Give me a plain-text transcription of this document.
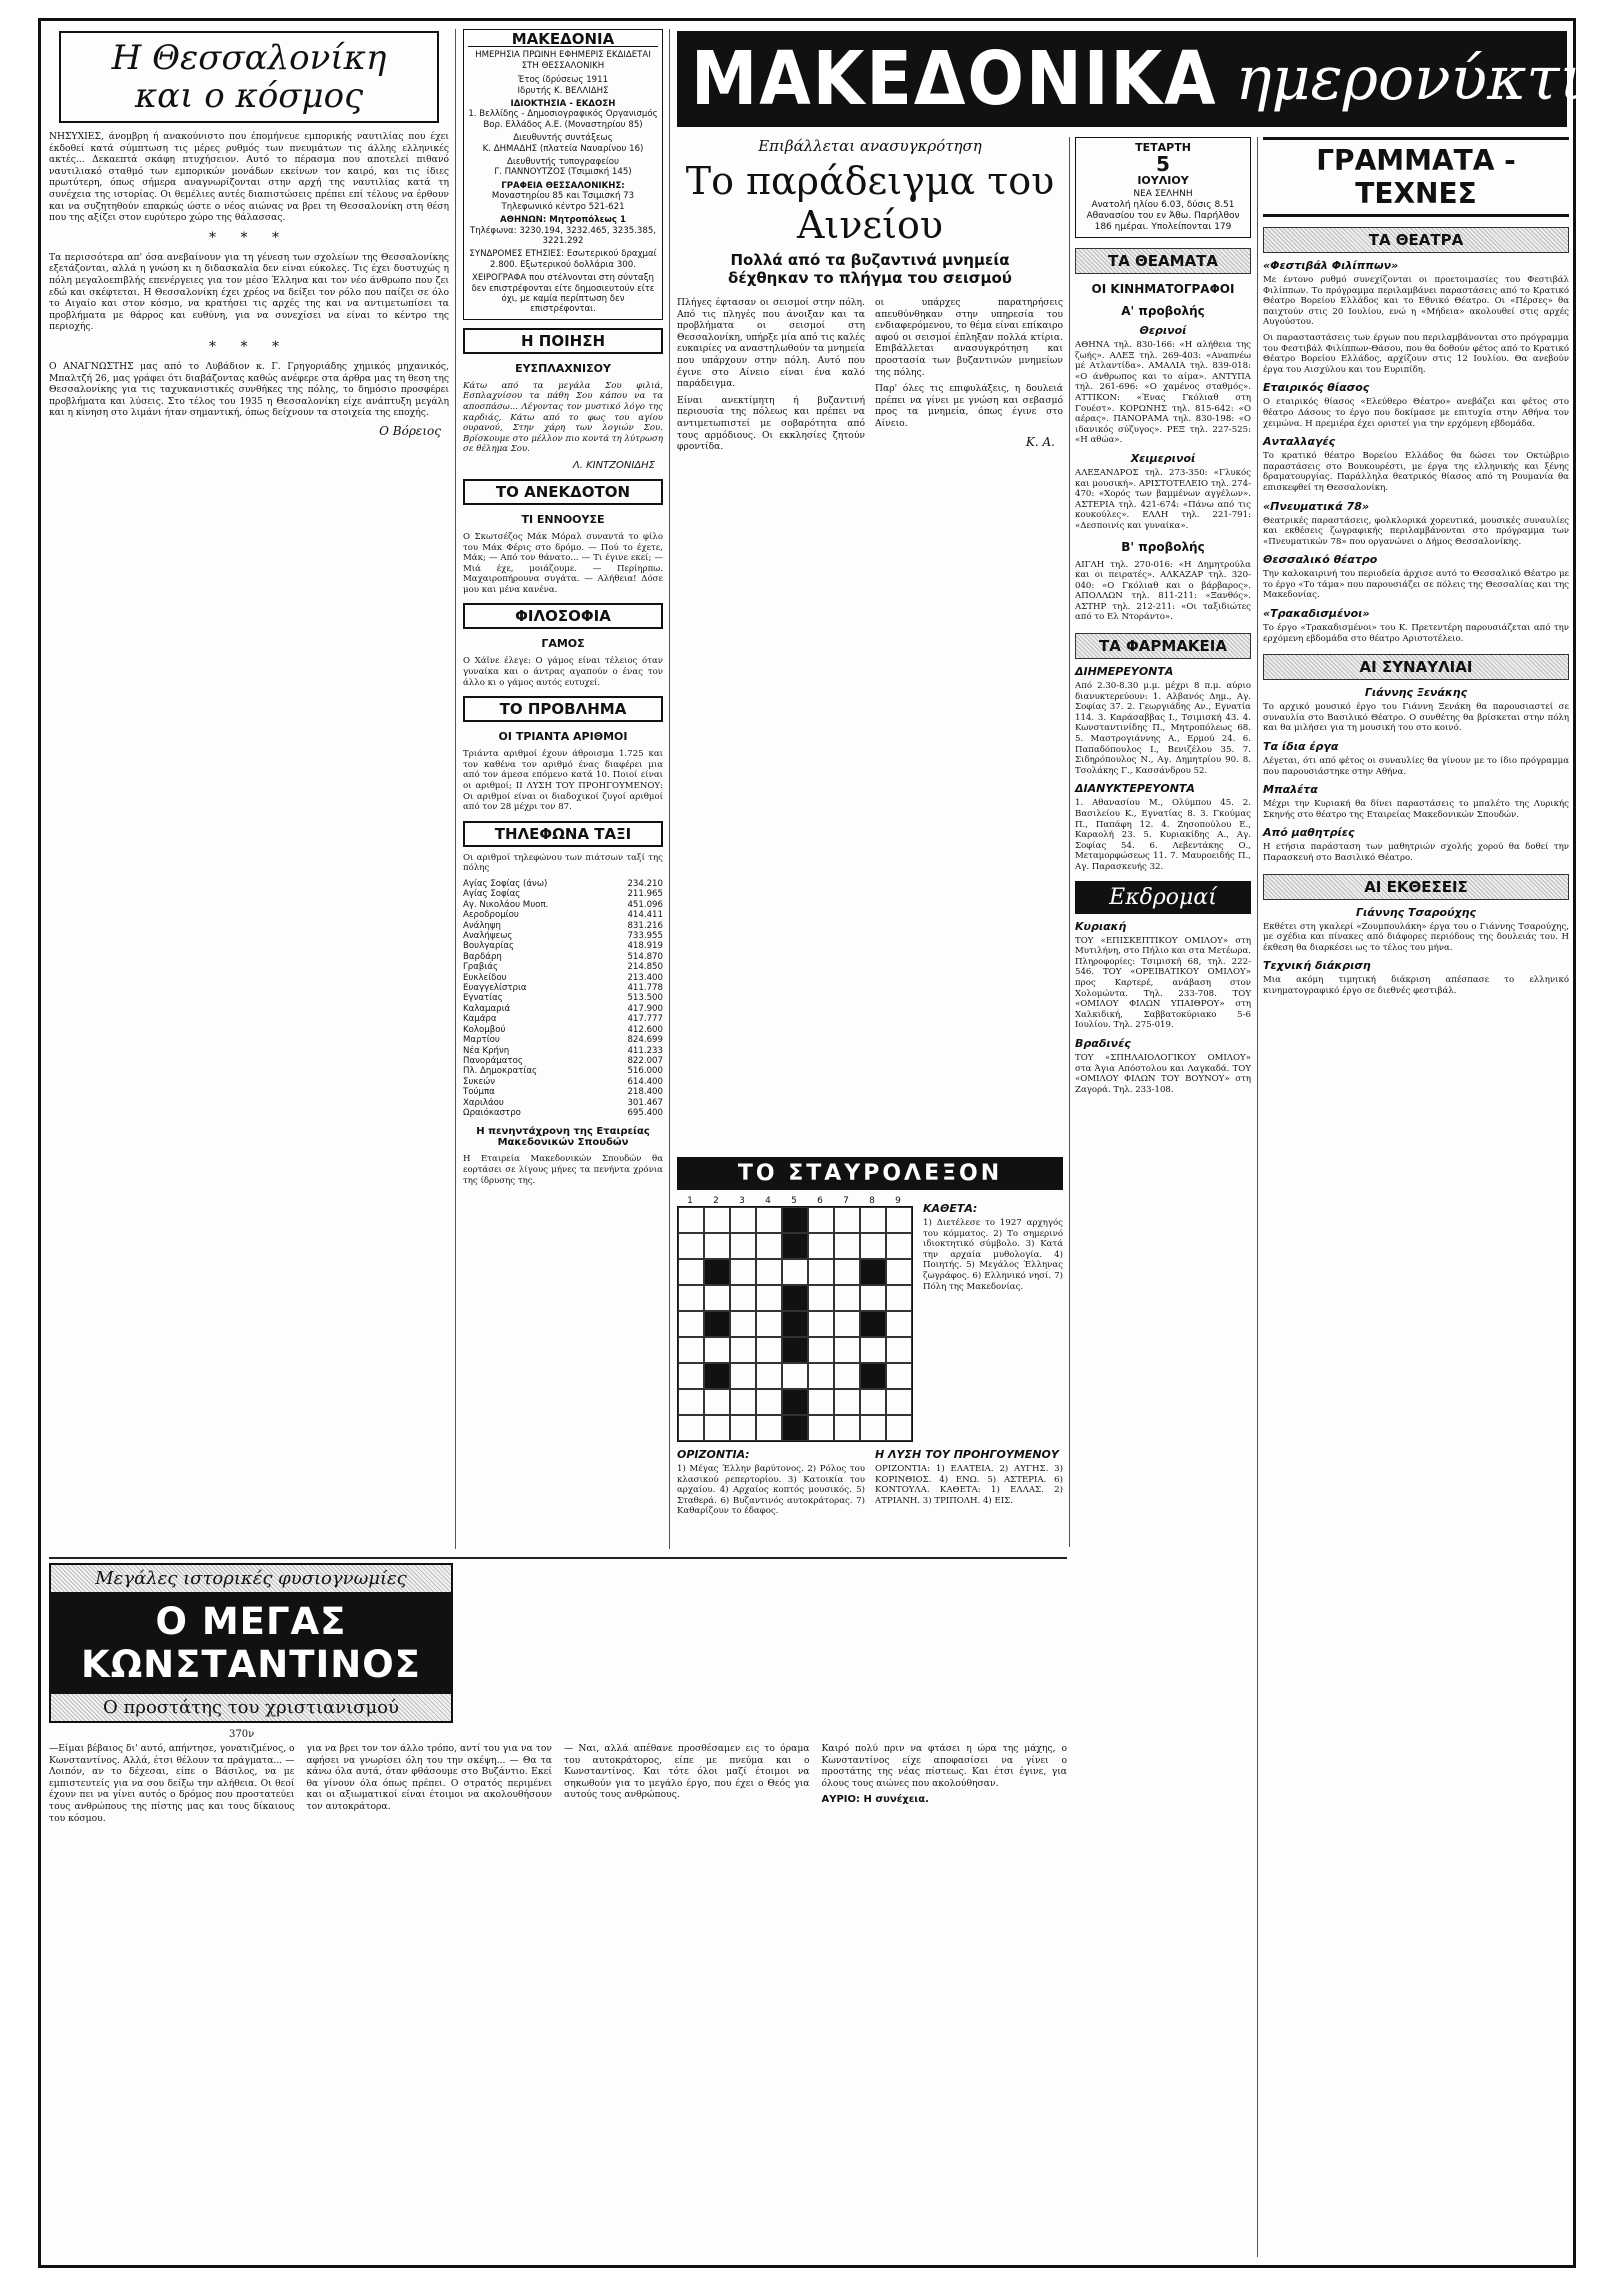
Η Θεσσαλονίκη
και ο κόσμος

ΝΗΣΥΧΙΕΣ, άνομβρη ή ανακούνιστο που έπομήνευε εμπορικής ναυτιλίας που έχει έκδοθεί κατά σύμπτωση τις μέρες ρυθμός των πνευμάτων τις άλλης ελληνικές ακτές... Δεκαεπτά σκάφη πτυχήσειον. Αυτό το πέρασμα που αποτελεί πιθανό ναυτιλιακό σταθμό των εμπορικών μονάδων εκείνων τον καιρό, και τις ίδιες πρωτύτερη, όπως σήμερα αναγνωρίζονται στην αρχή της ναυτιλίας κατά τη συνέχεια της ιστορίας. Οι θεμέλιες αυτές διαπιστώσεις πρέπει επί τέλους να έρθουν και να συζητηθούν επαρκώς ώστε ο νέος αιώνας να βρει τη Θεσσαλονίκη στη θέση που της αξίζει στον ευρύτερο χώρο της θάλασσας.

* * *

Τα περισσότερα απ' όσα ανεβαίνουν για τη γένεση των σχολείων της Θεσσαλονίκης εξετάζονται, αλλά η γνώση κι η διδασκαλία δεν είναι εύκολες. Τις έχει δυστυχώς η πόλη μεγαλοεπιβλής επενέργειες για τον μέσο Έλληνα και τον νέο άνθρωπο που ζει εδώ και σκέφτεται. Η Θεσσαλονίκη έχει χρέος να δείξει τον ρόλο που παίζει σε όλο το Αιγαίο και στον κόσμο, να κρατήσει τις αρχές της και να αντιμετωπίσει τα προβλήματα με θάρρος και ευθύνη, για να συνεχίσει να είναι το κέντρο της περιοχής.

* * *

Ο ΑΝΑΓΝΩΣΤΗΣ μας από το Λυβάδιον κ. Γ. Γρηγοριάδης χημικός μηχανικός, Μπαλτζή 26, μας γράφει ότι διαβάζοντας καθώς ανέφερε στα άρθρα μας τη θεση της Θεσσαλονίκης για τις ταχυκανιστικές συνθήκες της πόλης, το δημόσιο προσφέρει προβλήματα και λύσεις. Στο τέλος του 1935 η Θεσσαλονίκη είχε ανάπτυξη μεγάλη και η κίνηση στο λιμάνι ήταν σημαντική, όπως δείχνουν τα στοιχεία της εποχής.

Ο Βόρειος
ΜΑΚΕΔΟΝΙΑ
ΗΜΕΡΗΣΙΑ ΠΡΩΙΝΗ ΕΦΗΜΕΡΙΣ ΕΚΔΙΔΕΤΑΙ ΣΤΗ ΘΕΣΣΑΛΟΝΙΚΗ
Έτος ίδρύσεως 1911
Ιδρυτής Κ. ΒΕΛΛΙΔΗΣ
ΙΔΙΟΚΤΗΣΙΑ - ΕΚΔΟΣΗ
1. Βελλίδης - Δημοσιογραφικός Οργανισμός Βορ. Ελλάδος Α.Ε. (Μοναστηρίου 85)
Διευθυντής συντάξεως
Κ. ΔΗΜΑΔΗΣ (πλατεία Ναυαρίνου 16)
Διευθυντής τυπογραφείου
Γ. ΠΑΝΝΟΥΤΖΟΣ (Τσιμισκή 145)
ΓΡΑΦΕΙΑ ΘΕΣΣΑΛΟΝΙΚΗΣ:
Μοναστηρίου 85 και Τσιμισκή 73 Τηλεφωνικό κέντρο 521-621
ΑΘΗΝΩΝ: Μητροπόλεως 1
Τηλέφωνα: 3230.194, 3232.465, 3235.385, 3221.292
ΣΥΝΔΡΟΜΕΣ ΕΤΗΣΙΕΣ: Εσωτερικού δραχμαί 2.800. Εξωτερικού δολλάρια 300.
ΧΕΙΡΟΓΡΑΦΑ που στέλνονται στη σύνταξη δεν επιστρέφονται είτε δημοσιευτούν είτε όχι, με καμία περίπτωση δεν επιστρέφονται.
Η ΠΟΙΗΣΗ
ΕΥΣΠΛΑΧΝΙΣΟΥ

Κάτω από τα μεγάλα Σου φιλιά, Εσπλαχνίσου τα πάθη Σου κάπου να τα αποσπάσω... Λέγοντας τον μυστικό λόγο της καρδιάς, Κάτω από το φως του αγίου ουρανού, Στην χάρη των λογιών Σου. Βρίσκουμε στο μέλλον πιο κοντά τη λύτρωση σε θέλημα Σου.

Λ. ΚΙΝΤΖΟΝΙΔΗΣ
ΤΟ ΑΝΕΚΔΟΤΟΝ
ΤΙ ΕΝΝΟΟΥΣΕ

Ο Σκωτσέζος Μάκ Μόραλ συναντά το φίλο του Μάκ Φέρις στο δρόμο. — Πού το έχετε, Μάκ; — Από τον θάνατο... — Τι έγινε εκεί; — Μιά έχε, μοιάζουμε. — Περίηρπω. Μαχαιροπήρουνα συγάτα. — Αλήθεια! Δόσε μου και μένα κανένα.

ΦΙΛΟΣΟΦΙΑ
ΓΑΜΟΣ

Ο Χάϊνε έλεγε: Ο γάμος είναι τέλειος όταν γυναίκα και ο άντρας αγαπούν ο ένας τον άλλο κι ο γάμος αυτός ευτυχεί.

ΤΟ ΠΡΟΒΛΗΜΑ
ΟΙ ΤΡΙΑΝΤΑ ΑΡΙΘΜΟΙ

Τριάντα αριθμοί έχουν άθροισμα 1.725 και τον καθένα τον αριθμό ένας διαφέρει μια από τον άμεσα επόμενο κατά 10. Ποιοί είναι οι αριθμοί; ΙΙ ΛΥΣΗ ΤΟΥ ΠΡΟΗΓΟΥΜΕΝΟΥ: Οι αριθμοί είναι οι διαδοχικοί ζυγοί αριθμοί από τον 28 μέχρι τον 87.

ΤΗΛΕΦΩΝΑ ΤΑΞΙ

Οι αριθμοί τηλεφώνου των πιάτσων ταξί της πόλης

Αγίας Σοφίας (άνω)	234.210
Αγίας Σοφίας	211.965
Αγ. Νικολάου Μυοπ.	451.096
Αεροδρομίου	414.411
Ανάληψη	831.216
Αναλήψεως	733.955
Βουλγαρίας	418.919
Βαρδάρη	514.870
Γραβιάς	214.850
Ευκλείδου	213.400
Ευαγγελίστρια	411.778
Εγνατίας	513.500
Καλαμαριά	417.900
Καμάρα	417.777
Κολομβού	412.600
Μαρτίου	824.699
Νέα Κρήνη	411.233
Πανοράματος	822.007
Πλ. Δημοκρατίας	516.000
Συκεών	614.400
Τούμπα	218.400
Χαριλάου	301.467
Ωραιόκαστρο	695.400
Η πενηντάχρονη της Εταιρείας Μακεδονικών Σπουδών

Η Εταιρεία Μακεδονικών Σπουδών θα εορτάσει σε λίγους μήνες τα πενήντα χρόνια της ίδρυσης της.

ΜΑΚΕΔΟΝΙΚΑ ημερονύκτια
Επιβάλλεται ανασυγκρότηση
Το παράδειγμα του Αινείου
Πολλά από τα βυζαντινά μνημεία
δέχθηκαν το πλήγμα του σεισμού

Πλήγες έφτασαν οι σεισμοί στην πόλη. Από τις πληγές που άνοιξαν και τα προβλήματα οι σεισμοί στη Θεσσαλονίκη, υπήρξε μία από τις καλές ευκαιρίες να αναστηλωθούν τα μνημεία που υπάρχουν στην πόλη. Αυτό που έγινε στο Αίνειο είναι ένα καλό παράδειγμα.

Είναι ανεκτίμητη ή βυζαντινή περιουσία της πόλεως και πρέπει να αντιμετωπιστεί με σοβαρότητα από τους αρμόδιους. Οι εκκλησίες ζητούν φροντίδα.

οι υπάρχες παρατηρήσεις απευθύνθηκαν στην υπηρεσία του ενδιαφερόμενου, το θέμα είναι επίκαιρο αφού οι σεισμοί έπληξαν πολλά κτίρια. Επιβάλλεται ανασυγκρότηση και προστασία των βυζαντινών μνημείων της πόλης.

Παρ' όλες τις επιφυλάξεις, η δουλειά πρέπει να γίνει με γνώση και σεβασμό προς τα μνημεία, όπως έγινε στο Αίνειο.

Κ. Α.
ΤΟ ΣΤΑΥΡΟΛΕΞΟΝ
1	2	3	4	5	6	7	8	9
ΚΑΘΕΤΑ:

1) Διετέλεσε το 1927 αρχηγός του κόμματος. 2) Το σημερινό ιδιοκτητικό σύμβολο. 3) Κατά την αρχαία μυθολογία. 4) Ποιητής. 5) Μεγάλος Έλληνας ζωγράφος. 6) Ελληνικό νησί. 7) Πόλη της Μακεδονίας.

ΟΡΙΖΟΝΤΙΑ:

1) Μέγας Έλλην βαρύτονος. 2) Ρόλος του κλασικού ρεπερτορίου. 3) Κατοικία του αρχαίου. 4) Αρχαίος κοπτός μουσικός. 5) Σταθερά. 6) Βυζαντινός αυτοκράτορας. 7) Καθαρίζουν το έδαφος.

Η ΛΥΣΗ ΤΟΥ ΠΡΟΗΓΟΥΜΕΝΟΥ

ΟΡΙΖΟΝΤΙΑ: 1) ΕΛΑΤΕΙΑ. 2) ΑΥΓΗΣ. 3) ΚΟΡΙΝΘΙΟΣ. 4) ΕΝΩ. 5) ΑΣΤΕΡΙΑ. 6) ΚΟΝΤΟΥΛΑ. ΚΑΘΕΤΑ: 1) ΕΛΛΑΣ. 2) ΑΤΡΙΑΝΗ. 3) ΤΡΙΠΟΛΗ. 4) ΕΙΣ.

ΤΕΤΑΡΤΗ
5
ΙΟΥΛΙΟΥ
ΝΕΑ ΣΕΛΗΝΗ
Ανατολή ηλίου 6.03, δύσις 8.51
Αθανασίου του εν Άθω. Παρήλθον 186 ημέραι. Υπολείπονται 179
ΤΑ ΘΕΑΜΑΤΑ
ΟΙ ΚΙΝΗΜΑΤΟΓΡΑΦΟΙ
Α' προβολής
Θερινοί

ΑΘΗΝΑ τηλ. 830-166: «Η αλήθεια της ζωής». ΑΛΕΞ τηλ. 269-403: «Αναπνέω μέ Ατλαντίδα». ΑΜΑΛΙΑ τηλ. 839-018: «Ο άνθρωπος και το αίμα». ΑΝΤΥΠΑ τηλ. 261-696: «Ο χαμένος σταθμός». ΑΤΤΙΚΟΝ: «Ένας Γκόλιαθ στη Γουέστ». ΚΟΡΩΝΗΣ τηλ. 815-642: «Ο αέρας». ΠΑΝΟΡΑΜΑ τηλ. 830-198: «Ο ιδανικός σύζυγος». ΡΕΞ τηλ. 227-525: «Η αθώα».

Χειμερινοί

ΑΛΕΞΑΝΔΡΟΣ τηλ. 273-350: «Γλυκός και μουσική». ΑΡΙΣΤΟΤΕΛΕΙΟ τηλ. 274-470: «Χορός των βαμμένων αγγέλων». ΑΣΤΕΡΙΑ τηλ. 421-674: «Πάνω από τις κουκούλες». ΕΛΛΗ τηλ. 221-791: «Δεσποινίς και γυναίκα».

Β' προβολής

ΑΙΓΛΗ τηλ. 270-016: «Η Δημητρούλα και οι πειρατές». ΑΛΚΑΖΑΡ τηλ. 320-040: «Ο Γκόλιαθ και ο βάρβαρος». ΑΠΟΛΛΩΝ τηλ. 811-211: «Ξανθός». ΑΣΤΗΡ τηλ. 212-211: «Οι ταξιδιώτες από το Ελ Ντοράντο».

ΤΑ ΦΑΡΜΑΚΕΙΑ
ΔΙΗΜΕΡΕΥΟΝΤΑ

Από 2.30-8.30 μ.μ. μέχρι 8 π.μ. αύριο διανυκτερεύουν: 1. Αλβανός Δημ., Αγ. Σοφίας 37. 2. Γεωργιάδης Αν., Εγνατία 114. 3. Καράσαββας Ι., Τσιμισκή 43. 4. Κωνσταντινίδης Π., Μητροπόλεως 68. 5. Μαστρογιάννης Α., Ερμού 24. 6. Παπαδόπουλος Ι., Βενιζέλου 35. 7. Σιδηρόπουλος Ν., Αγ. Δημητρίου 90. 8. Τσολάκης Γ., Κασσάνδρου 52.

ΔΙΑΝΥΚΤΕΡΕΥΟΝΤΑ

1. Αθανασίου Μ., Ολύμπου 45. 2. Βασιλείου Κ., Εγνατίας 8. 3. Γκούμας Π., Παπάφη 12. 4. Ζησοπούλου Ε., Καραολή 23. 5. Κυριακίδης Α., Αγ. Σοφίας 54. 6. Λεβεντάκης Ο., Μεταμορφώσεως 11. 7. Μαυροειδής Π., Αγ. Παρασκευής 32.

Εκδρομαί
Κυριακή

ΤΟΥ «ΕΠΙΣΚΕΠΤΙΚΟΥ ΟΜΙΛΟΥ» στη Μυτιλήνη, στο Πήλιο και στα Μετέωρα. Πληροφορίες: Τσιμισκή 68, τηλ. 222-546. ΤΟΥ «ΟΡΕΙΒΑΤΙΚΟΥ ΟΜΙΛΟΥ» προς Καρτερέ, ανάβαση στον Χολομώντα. Τηλ. 233-708. ΤΟΥ «ΟΜΙΛΟΥ ΦΙΛΩΝ ΥΠΑΙΘΡΟΥ» στη Χαλκιδική, Σαββατοκύριακο 5-6 Ιουλίου. Τηλ. 275-019.

Βραδινές

ΤΟΥ «ΣΠΗΛΑΙΟΛΟΓΙΚΟΥ ΟΜΙΛΟΥ» στα Άγια Απόστολου και Λαγκαδά. ΤΟΥ «ΟΜΙΛΟΥ ΦΙΛΩΝ ΤΟΥ ΒΟΥΝΟΥ» στη Ζαγορά. Τηλ. 233-108.

ΓΡΑΜΜΑΤΑ - ΤΕΧΝΕΣ
ΤΑ ΘΕΑΤΡΑ
«Φεστιβάλ Φιλίππων»

Με έντονο ρυθμό συνεχίζονται οι προετοιμασίες του Φεστιβάλ Φιλίππων. Το πρόγραμμα περιλαμβάνει παραστάσεις από το Κρατικό Θέατρο Βορείου Ελλάδος και το Εθνικό Θέατρο. Οι «Πέρσες» θα παιχτούν στις 20 Ιουλίου, ενώ η «Μήδεια» ακολουθεί στις αρχές Αυγούστου.

Οι παρασταστάσεις των έργων που περιλαμβάνονται στο πρόγραμμα του Φεστιβάλ Φιλίππων-Θάσου, που θα δοθούν φέτος από το Κρατικό Θέατρο Βορείου Ελλάδος, αρχίζουν στις 12 Ιουλίου. Θα ανεβούν έργα του Αισχύλου και του Ευριπίδη.

Εταιρικός θίασος

Ο εταιρικός θίασος «Ελεύθερο Θέατρο» ανεβάζει και φέτος στο θέατρο Δάσους το έργο που δοκίμασε με επιτυχία στην Αθήνα τον χειμώνα. Η πρεμιέρα έχει οριστεί για την ερχόμενη εβδομάδα.

Ανταλλαγές

Το κρατικό θέατρο Βορείου Ελλάδος θα δώσει τον Οκτώβριο παραστάσεις στο Βουκουρέστι, με έργα της ελληνικής και ξένης δραματουργίας. Παράλληλα θεατρικός θίασος από τη Ρουμανία θα επισκεφθεί τη Θεσσαλονίκη.

«Πνευματικά 78»

Θεατρικές παραστάσεις, φολκλορικά χορευτικά, μουσικές συναυλίες και εκθέσεις ζωγραφικής περιλαμβάνονται στο πρόγραμμα των «Πνευματικών 78» που οργανώνει ο Δήμος Θεσσαλονίκης.

Θεσσαλικό θέατρο

Την καλοκαιρινή του περιοδεία άρχισε αυτό το Θεσσαλικό Θέατρο με το έργο «Το τάμα» που παρουσιάζει σε πόλεις της Θεσσαλίας και της Μακεδονίας.

«Τρακαδισμένοι»

Το έργο «Τρακαδισμένοι» του Κ. Πρετεντέρη παρουσιάζεται από την ερχόμενη εβδομάδα στο θέατρο Αριστοτέλειο.

ΑΙ ΣΥΝΑΥΛΙΑΙ
Γιάννης Ξενάκης

Το αρχικό μουσικό έργο του Γιάννη Ξενάκη θα παρουσιαστεί σε συναυλία στο Βασιλικό Θέατρο. Ο συνθέτης θα βρίσκεται στην πόλη και θα μιλήσει για τη μουσική του στο κοινό.

Τα ίδια έργα

Λέγεται, ότι από φέτος οι συναυλίες θα γίνουν με το ίδιο πρόγραμμα που παρουσιάστηκε στην Αθήνα.

Μπαλέτα

Μέχρι την Κυριακή θα δίνει παραστάσεις το μπαλέτο της Λυρικής Σκηνής στο θέατρο της Εταιρείας Μακεδονικών Σπουδών.

Από μαθητρίες

Η ετήσια παράσταση των μαθητριών σχολής χορού θα δοθεί την Παρασκευή στο Βασιλικό Θέατρο.

ΑΙ ΕΚΘΕΣΕΙΣ
Γιάννης Τσαρούχης

Εκθέτει στη γκαλερί «Ζουμπουλάκη» έργα του ο Γιάννης Τσαρούχης, με σχέδια και πίνακες από διάφορες περιόδους της δουλειάς του. Η έκθεση θα διαρκέσει ως το τέλος του μήνα.

Τεχνική διάκριση

Μια ακόμη τιμητική διάκριση απέσπασε το ελληνικό κινηματογραφικό έργο σε διεθνές φεστιβάλ.

Μεγάλες ιστορικές φυσιογνωμίες
Ο ΜΕΓΑΣ ΚΩΝΣΤΑΝΤΙΝΟΣ
Ο προστάτης του χριστιανισμού
370ν

—Είμαι βέβαιος δι' αυτό, απήντησε, γονατιζμένος, ο Κωνσταντίνος. Αλλά, έτσι θέλουν τα πράγματα... — Λοιπόν, αν το δέχεσαι, είπε ο Βάσιλος, να με εμπιστευτείς για να σου δείξω την αλήθεια. Οι θεοί έχουν πει να γίνει αυτός ο δρόμος που προστατεύει τους ανθρώπους της πίστης μας και τους δίκαιους του κόσμου.

για να βρει τον τον άλλο τρόπο, αντί του για να τον αφήσει να γνωρίσει όλη του την σκέψη... — Θα τα κάνω όλα αυτά, όταν φθάσουμε στο Βυζάντιο. Εκεί θα γίνουν όλα όπως πρέπει. Ο στρατός περιμένει και οι αξιωματικοί είναι έτοιμοι να ακολουθήσουν τον αυτοκράτορα.

— Ναι, αλλά απέθανε προσθέσαμεν εις το όραμα του αυτοκράτορος, είπε με πνεύμα και ο Κωνσταντίνος. Και τότε όλοι μαζί έτοιμοι να σηκωθούν για το μεγάλο έργο, που έχει ο Θεός για αυτούς τους ανθρώπους.

Καιρό πολύ πριν να φτάσει η ώρα της μάχης, ο Κωνσταντίνος είχε αποφασίσει να γίνει ο προστάτης της νέας πίστεως. Και έτσι έγινε, για όλους τους αιώνες που ακολούθησαν.

ΑΥΡΙΟ: Η συνέχεια.
